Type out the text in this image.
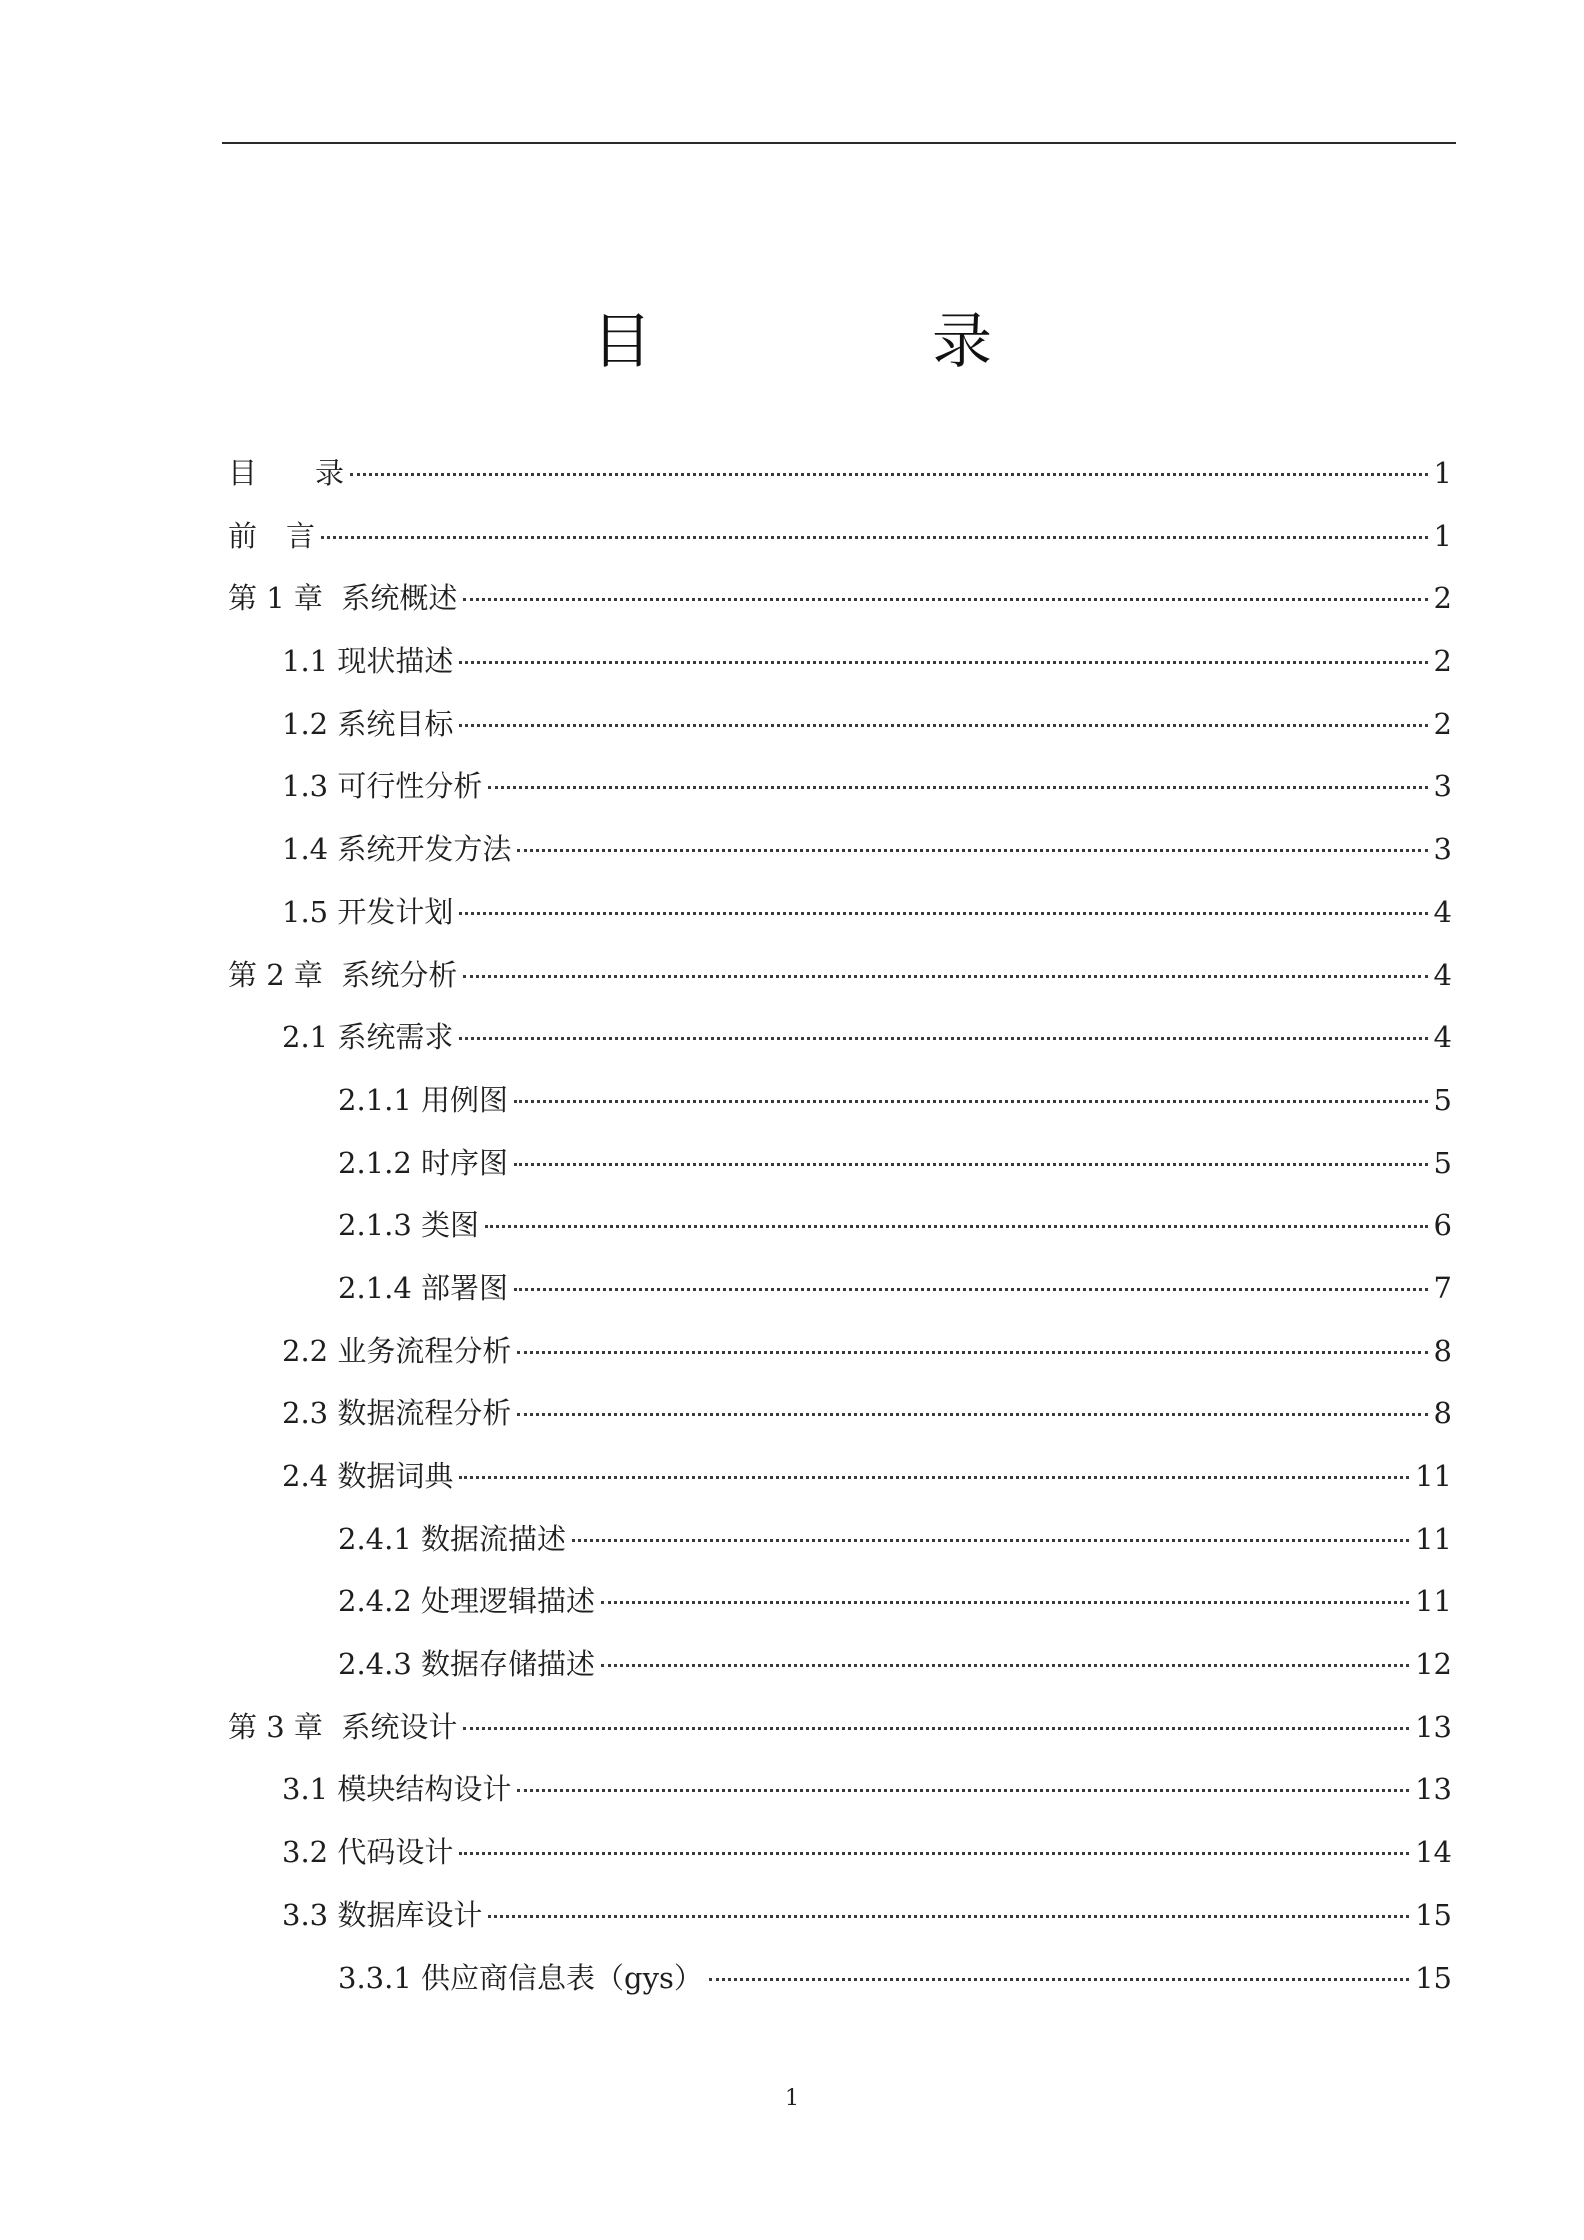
目　录
目　　录	1
前　言	1
第 1 章  系统概述	2
1.1 现状描述	2
1.2 系统目标	2
1.3 可行性分析	3
1.4 系统开发方法	3
1.5 开发计划	4
第 2 章  系统分析	4
2.1 系统需求	4
2.1.1 用例图	5
2.1.2 时序图	5
2.1.3 类图	6
2.1.4 部署图	7
2.2 业务流程分析	8
2.3 数据流程分析	8
2.4 数据词典	11
2.4.1 数据流描述	11
2.4.2 处理逻辑描述	11
2.4.3 数据存储描述	12
第 3 章  系统设计	13
3.1 模块结构设计	13
3.2 代码设计	14
3.3 数据库设计	15
3.3.1 供应商信息表（gys）	15
1
